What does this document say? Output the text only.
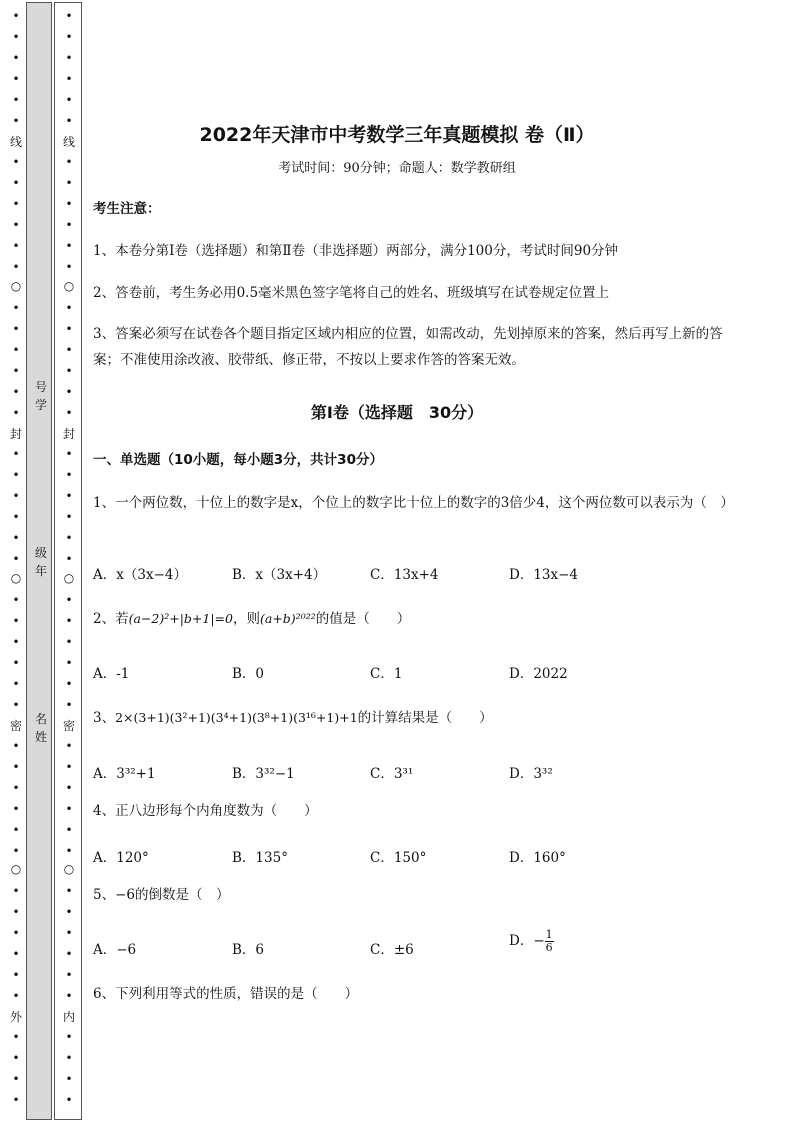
•
•
•
•
•
•
线
•
•
•
•
•
•
○
•
•
•
•
•
•
封
•
•
•
•
•
•
○
•
•
•
•
•
•
密
•
•
•
•
•
•
○
•
•
•
•
•
•
外
•
•
•
•
•
•
•
•
•
•
线
•
•
•
•
•
•
○
•
•
•
•
•
•
封
•
•
•
•
•
•
○
•
•
•
•
•
•
密
•
•
•
•
•
•
○
•
•
•
•
•
•
内
•
•
•
•
号学
级年
名姓
2022年天津市中考数学三年真题模拟 卷（Ⅱ）
考试时间：90分钟；命题人：数学教研组
考生注意：
1、本卷分第I卷（选择题）和第Ⅱ卷（非选择题）两部分，满分100分，考试时间90分钟
2、答卷前，考生务必用0.5毫米黑色签字笔将自己的姓名、班级填写在试卷规定位置上
3、答案必须写在试卷各个题目指定区域内相应的位置，如需改动，先划掉原来的答案，然后再写上新的答案；不准使用涂改液、胶带纸、修正带，不按以上要求作答的答案无效。
第I卷（选择题　30分）
一、单选题（10小题，每小题3分，共计30分）
1、一个两位数，十位上的数字是x，个位上的数字比十位上的数字的3倍少4，这个两位数可以表示为（　）
A．x（3x−4）	B．x（3x+4）	C．13x+4	D．13x−4
2、若(a−2)²+|b+1|=0，则(a+b)²⁰²²的值是（　　）
A．-1	B．0	C．1	D．2022
3、2×(3+1)(3²+1)(3⁴+1)(3⁸+1)(3¹⁶+1)+1的计算结果是（　　）
A．3³²+1	B．3³²−1	C．3³¹	D．3³²
4、正八边形每个内角度数为（　　）
A．120°	B．135°	C．150°	D．160°
5、−6的倒数是（　）
A．−6	B．6	C．±6
D．− $\frac{1}{6}$
6、下列利用等式的性质，错误的是（　　）
